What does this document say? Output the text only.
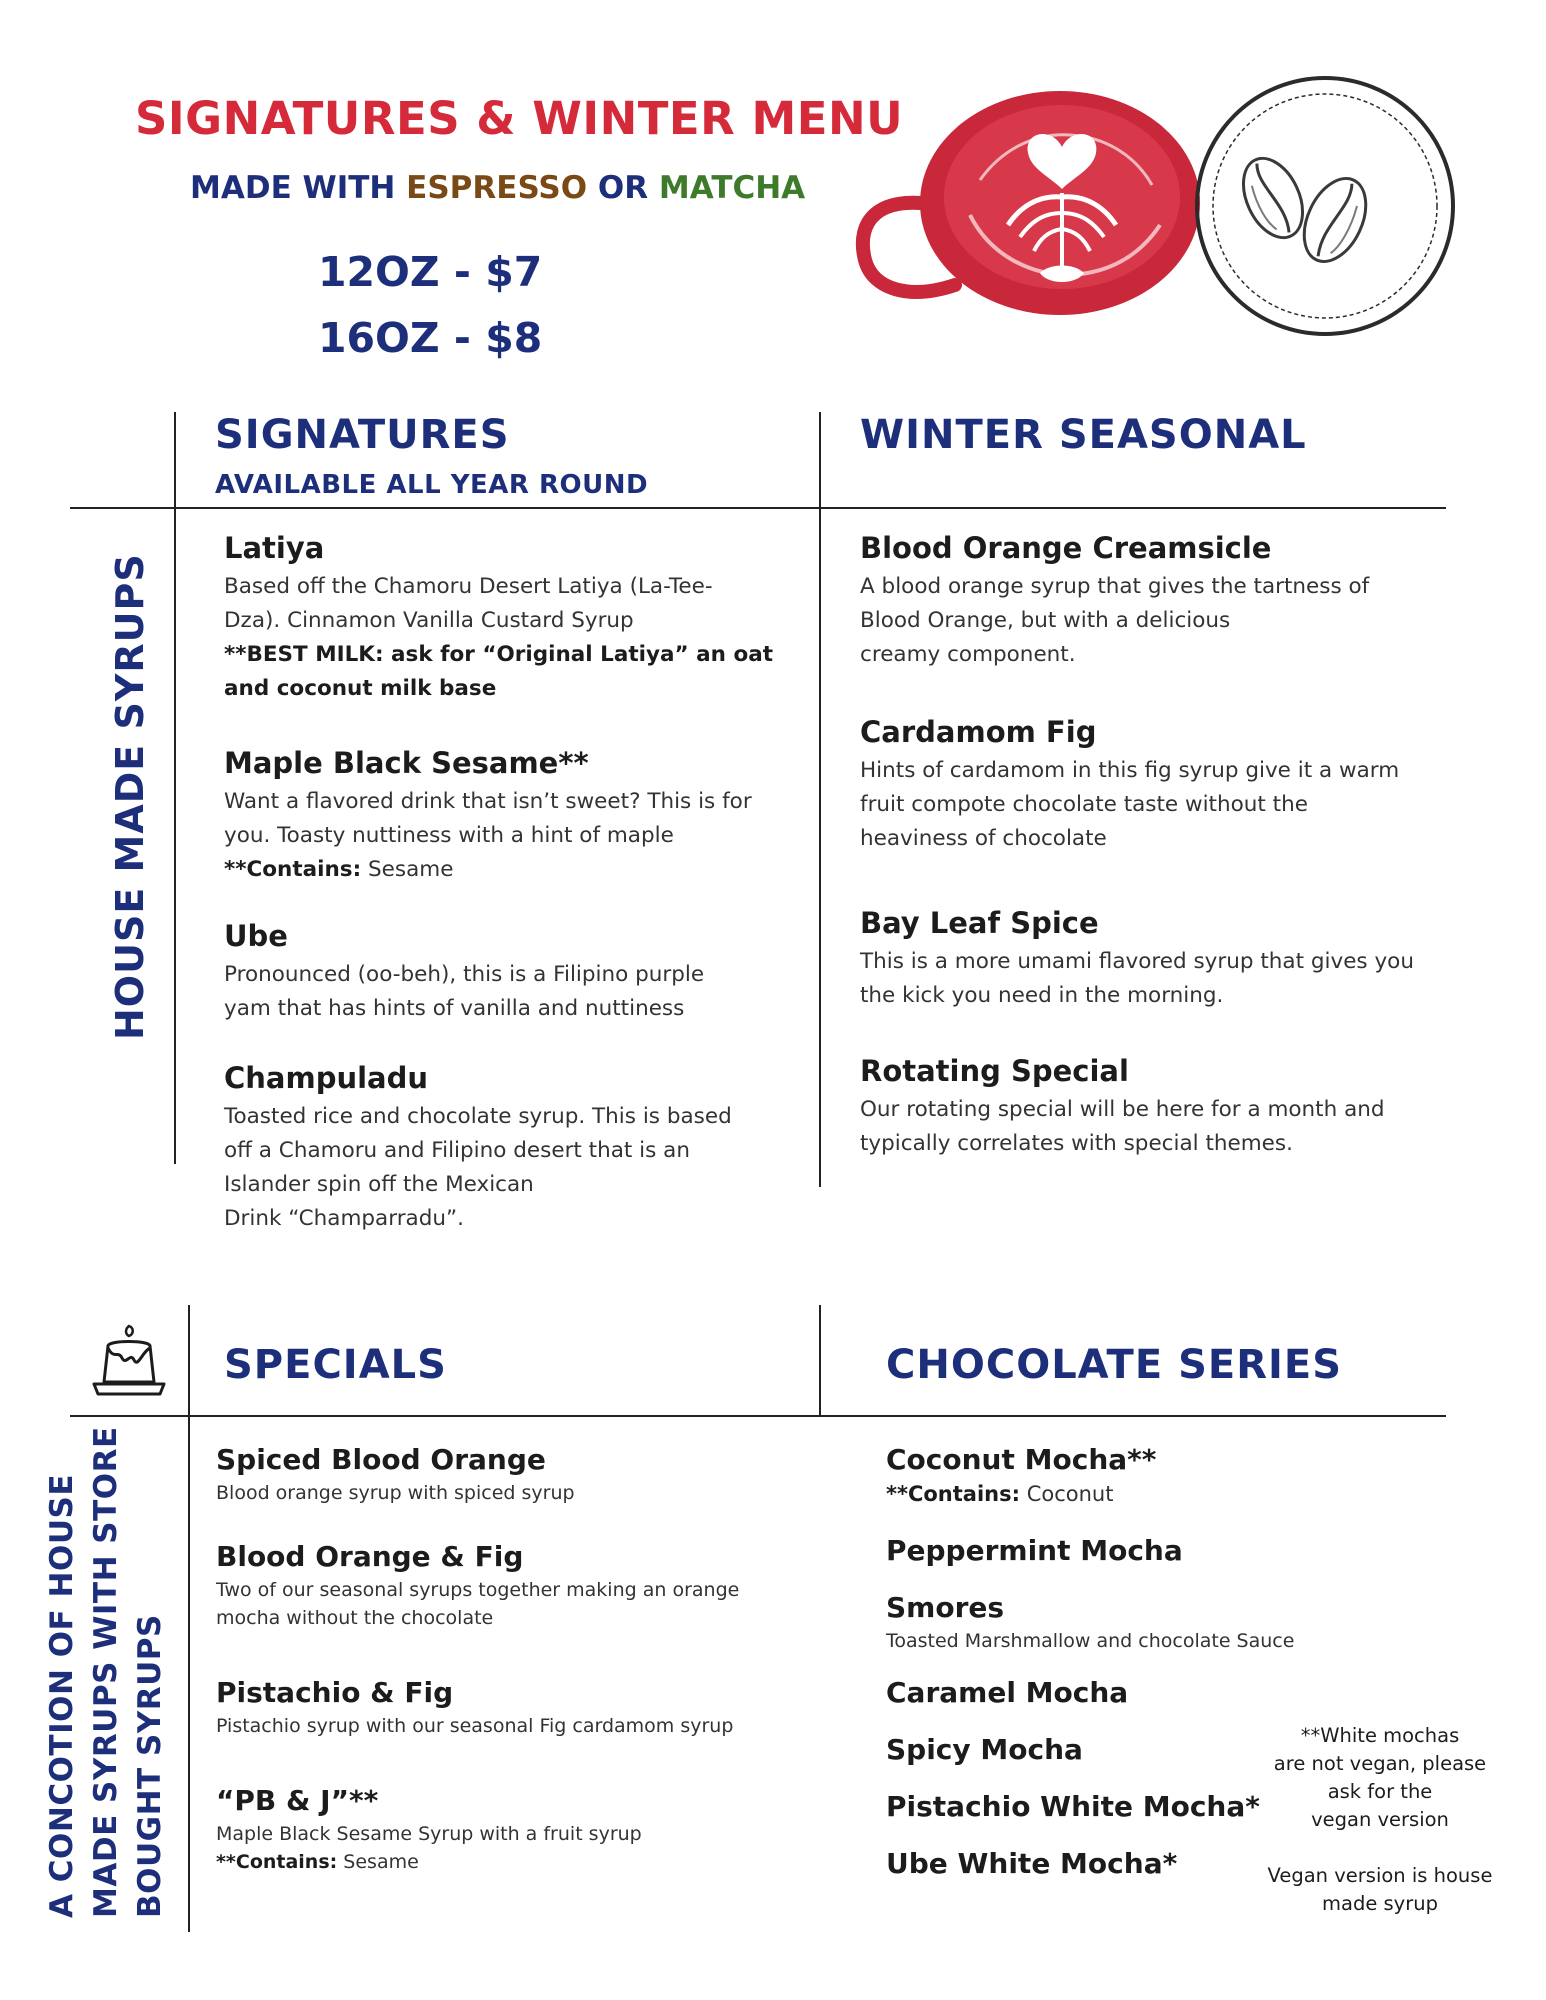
SIGNATURES & WINTER MENU
MADE WITH ESPRESSO OR MATCHA
12OZ - $7
16OZ - $8
SIGNATURES
AVAILABLE ALL YEAR ROUND
WINTER SEASONAL
HOUSE MADE SYRUPS
Latiya
Based off the Chamoru Desert Latiya (La-Tee-
Dza). Cinnamon Vanilla Custard Syrup
**BEST MILK: ask for “Original Latiya” an oat
and coconut milk base
Maple Black Sesame**
Want a flavored drink that isn’t sweet? This is for
you. Toasty nuttiness with a hint of maple
**Contains: Sesame
Ube
Pronounced (oo-beh), this is a Filipino purple
yam that has hints of vanilla and nuttiness
Champuladu
Toasted rice and chocolate syrup. This is based
off a Chamoru and Filipino desert that is an
Islander spin off the Mexican
Drink “Champarradu”.
Blood Orange Creamsicle
A blood orange syrup that gives the tartness of
Blood Orange, but with a delicious
creamy component.
Cardamom Fig
Hints of cardamom in this fig syrup give it a warm
fruit compote chocolate taste without the
heaviness of chocolate
Bay Leaf Spice
This is a more umami flavored syrup that gives you
the kick you need in the morning.
Rotating Special
Our rotating special will be here for a month and
typically correlates with special themes.
SPECIALS	CHOCOLATE SERIES
A CONCOTION OF HOUSE MADE SYRUPS WITH STORE BOUGHT SYRUPS
Spiced Blood Orange
Blood orange syrup with spiced syrup
Blood Orange & Fig
Two of our seasonal syrups together making an orange
mocha without the chocolate
Pistachio & Fig
Pistachio syrup with our seasonal Fig cardamom syrup
“PB & J”**
Maple Black Sesame Syrup with a fruit syrup
**Contains: Sesame
Coconut Mocha**
**Contains: Coconut
Peppermint Mocha
Smores
Toasted Marshmallow and chocolate Sauce
Caramel Mocha
Spicy Mocha
Pistachio White Mocha*
Ube White Mocha*
**White mochas
are not vegan, please
ask for the
vegan version
Vegan version is house
made syrup
